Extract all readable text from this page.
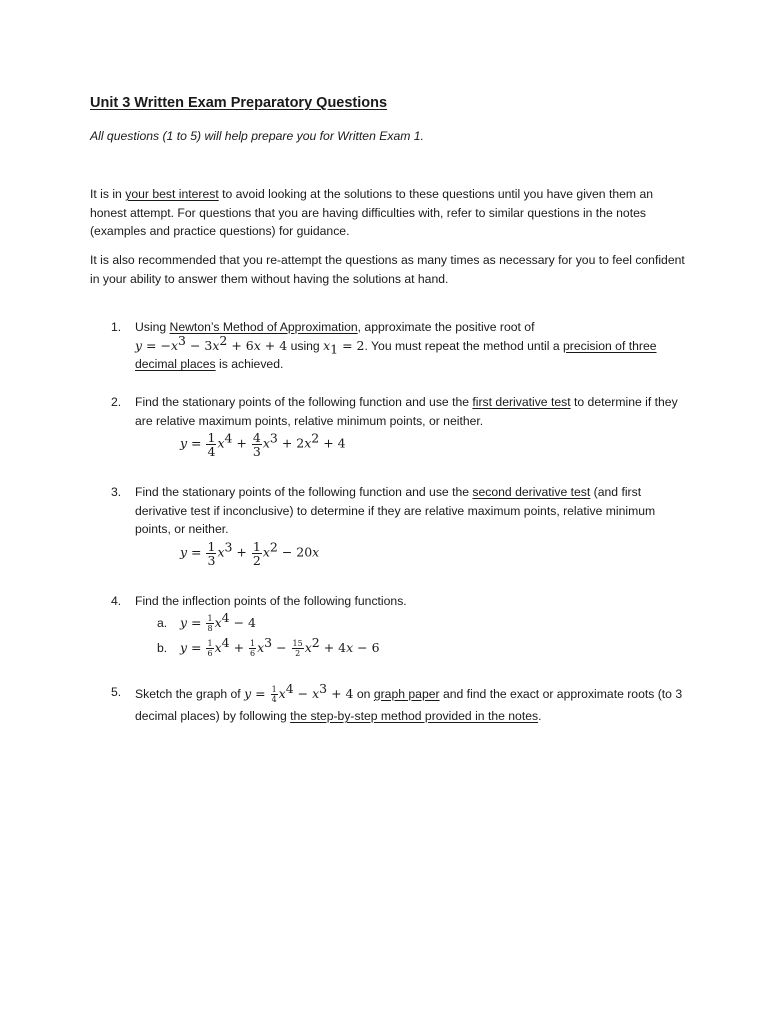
Unit 3 Written Exam Preparatory Questions
All questions (1 to 5) will help prepare you for Written Exam 1.
It is in your best interest to avoid looking at the solutions to these questions until you have given them an honest attempt. For questions that you are having difficulties with, refer to similar questions in the notes (examples and practice questions) for guidance.
It is also recommended that you re-attempt the questions as many times as necessary for you to feel confident in your ability to answer them without having the solutions at hand.
1. Using Newton’s Method of Approximation, approximate the positive root of
$y = -x^3 - 3x^2 + 6x + 4$ using $x_1 = 2$. You must repeat the method until a precision of three decimal places is achieved.
2. Find the stationary points of the following function and use the first derivative test to determine if they are relative maximum points, relative minimum points, or neither.
$y = \frac{1}{4} x^4 + \frac{4}{3} x^3 + 2x^2 + 4$
3. Find the stationary points of the following function and use the second derivative test (and first derivative test if inconclusive) to determine if they are relative maximum points, relative minimum points, or neither.
$y = \frac{1}{3} x^3 + \frac{1}{2} x^2 - 20x$
4. Find the inflection points of the following functions.
a. $y = \frac{1}{8} x^4 - 4$
b. $y = \frac{1}{6} x^4 + \frac{1}{6} x^3 - \frac{15}{2} x^2 + 4x - 6$
5. Sketch the graph of $y = \frac{1}{4} x^4 - x^3 + 4$ on graph paper and find the exact or approximate roots (to 3 decimal places) by following the step-by-step method provided in the notes.
